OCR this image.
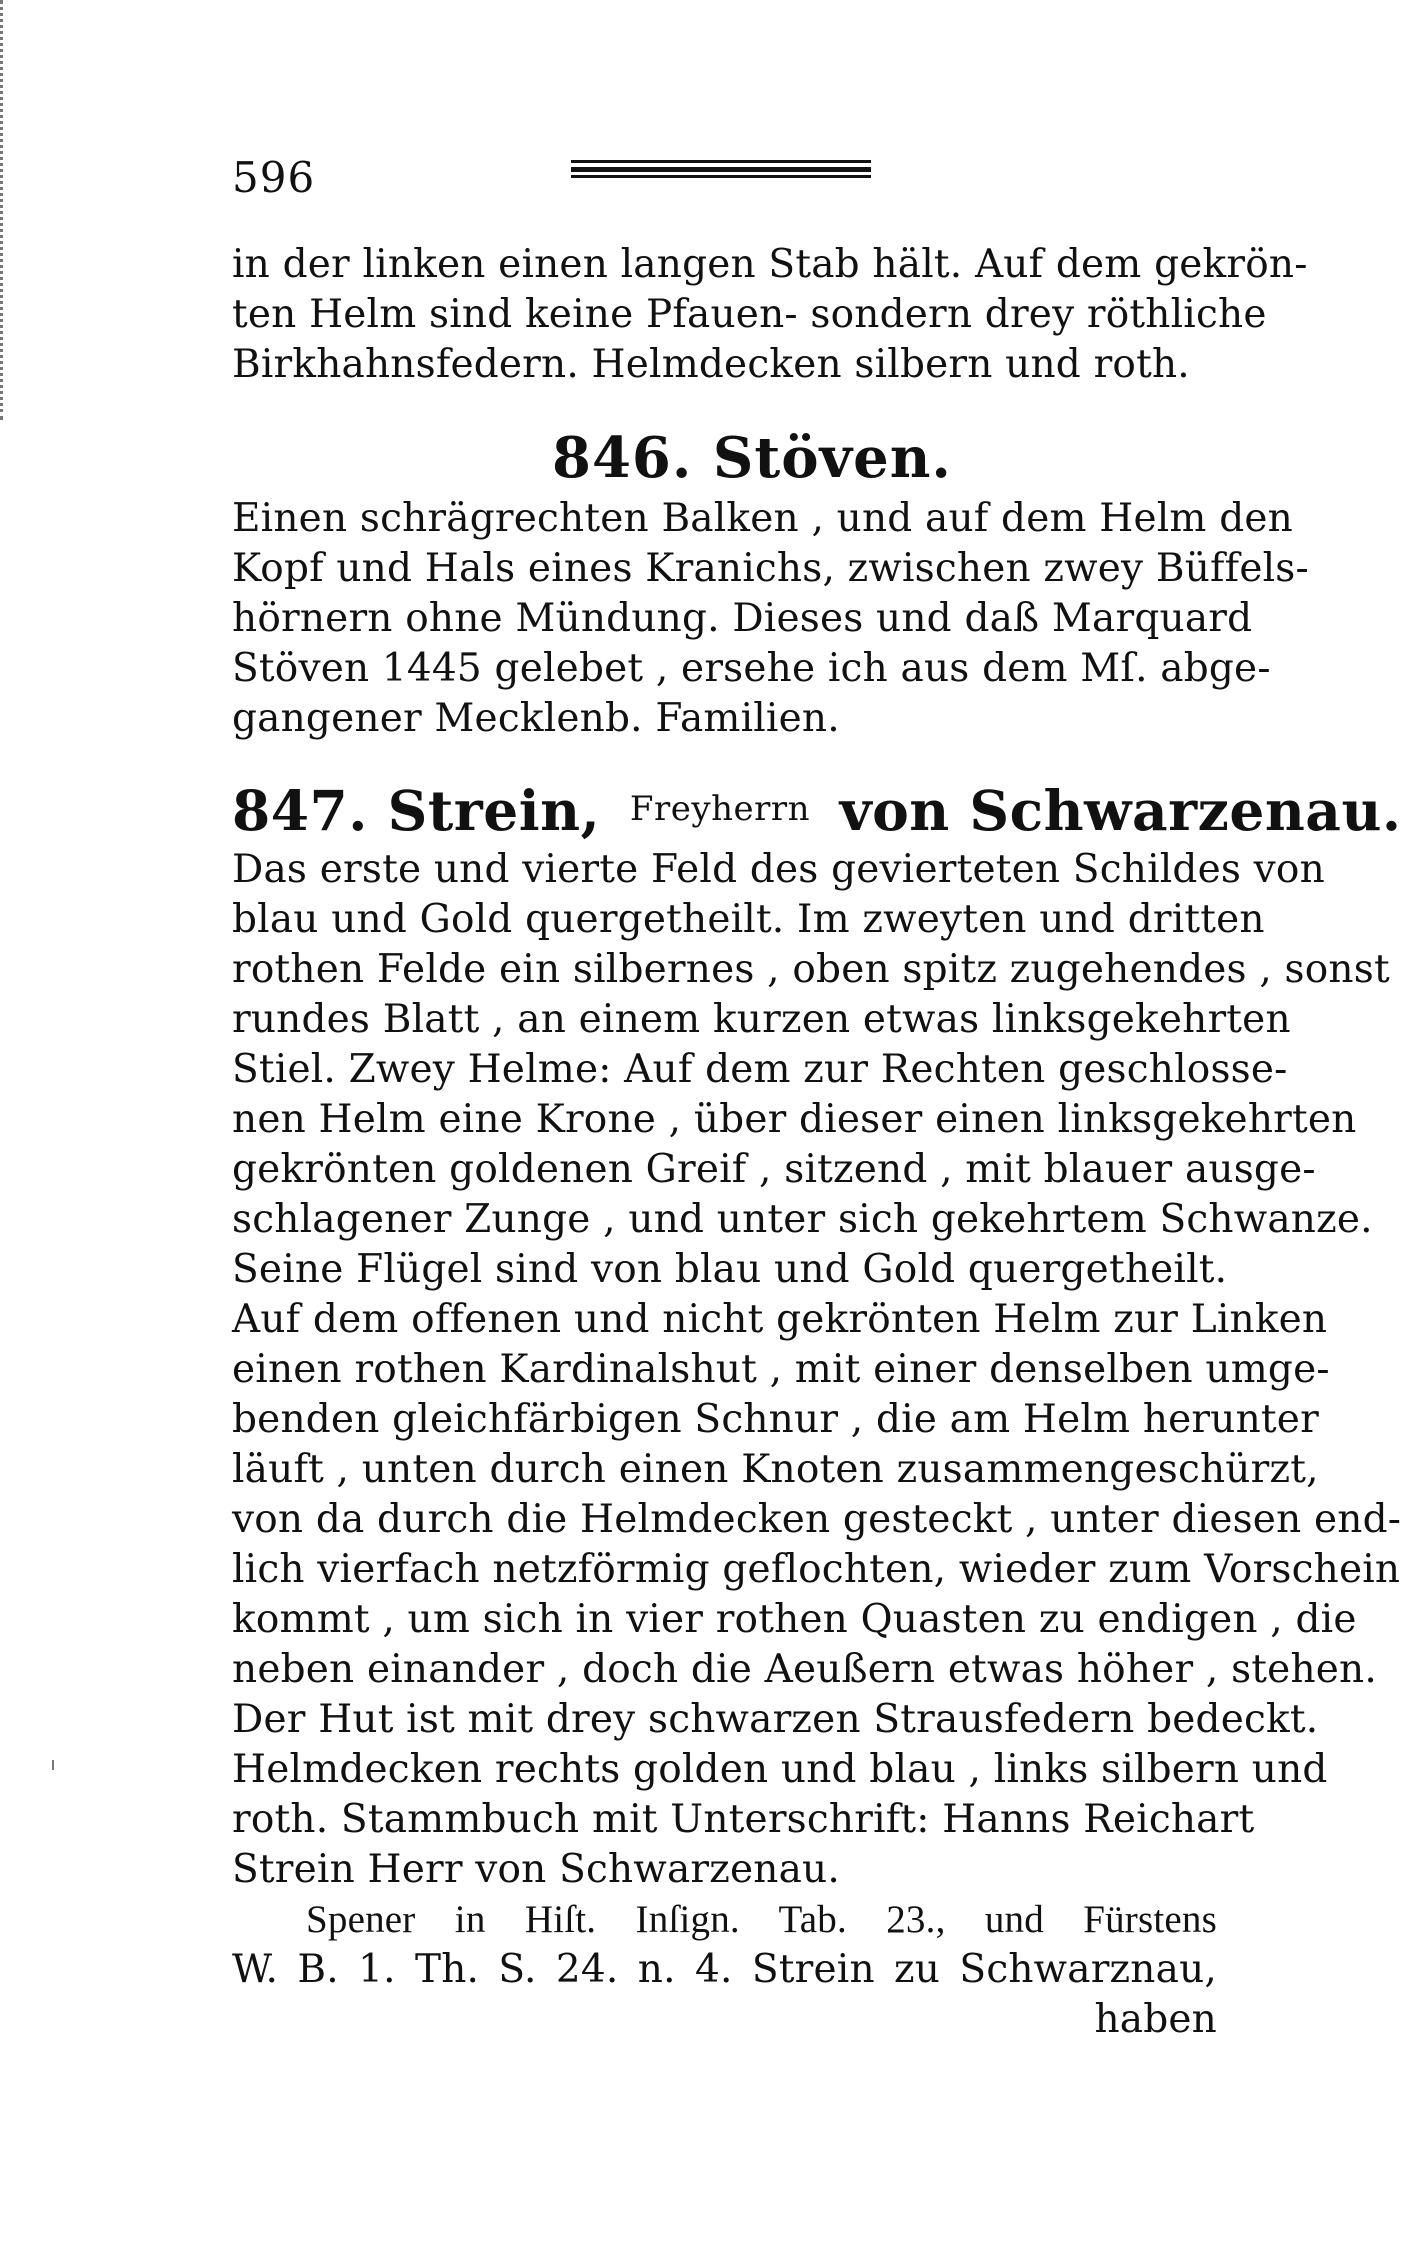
596
in der linken einen langen Stab hält. Auf dem gekrön-
ten Helm sind keine Pfauen- sondern drey röthliche
Birkhahnsfedern. Helmdecken silbern und roth.
846. Stöven.
Einen schrägrechten Balken , und auf dem Helm den
Kopf und Hals eines Kranichs, zwischen zwey Büffels-
hörnern ohne Mündung. Dieses und daß Marquard
Stöven 1445 gelebet , ersehe ich aus dem Mſ. abge-
gangener Mecklenb. Familien.
847. Strein, $^{Freyherrn}$ von Schwarzenau.
Das erste und vierte Feld des gevierteten Schildes von
blau und Gold quergetheilt. Im zweyten und dritten
rothen Felde ein silbernes , oben spitz zugehendes , sonst
rundes Blatt , an einem kurzen etwas linksgekehrten
Stiel. Zwey Helme: Auf dem zur Rechten geschlosse-
nen Helm eine Krone , über dieser einen linksgekehrten
gekrönten goldenen Greif , sitzend , mit blauer ausge-
schlagener Zunge , und unter sich gekehrtem Schwanze.
Seine Flügel sind von blau und Gold quergetheilt.
Auf dem offenen und nicht gekrönten Helm zur Linken
einen rothen Kardinalshut , mit einer denselben umge-
benden gleichfärbigen Schnur , die am Helm herunter
läuft , unten durch einen Knoten zusammengeschürzt,
von da durch die Helmdecken gesteckt , unter diesen end-
lich vierfach netzförmig geflochten, wieder zum Vorschein
kommt , um sich in vier rothen Quasten zu endigen , die
neben einander , doch die Aeußern etwas höher , stehen.
Der Hut ist mit drey schwarzen Strausfedern bedeckt.
Helmdecken rechts golden und blau , links silbern und
roth. Stammbuch mit Unterschrift: Hanns Reichart
Strein Herr von Schwarzenau.
Spener in Hiſt. Inſign. Tab. 23., und Fürstens
W. B. 1. Th. S. 24. n. 4. Strein zu Schwarznau,
haben
